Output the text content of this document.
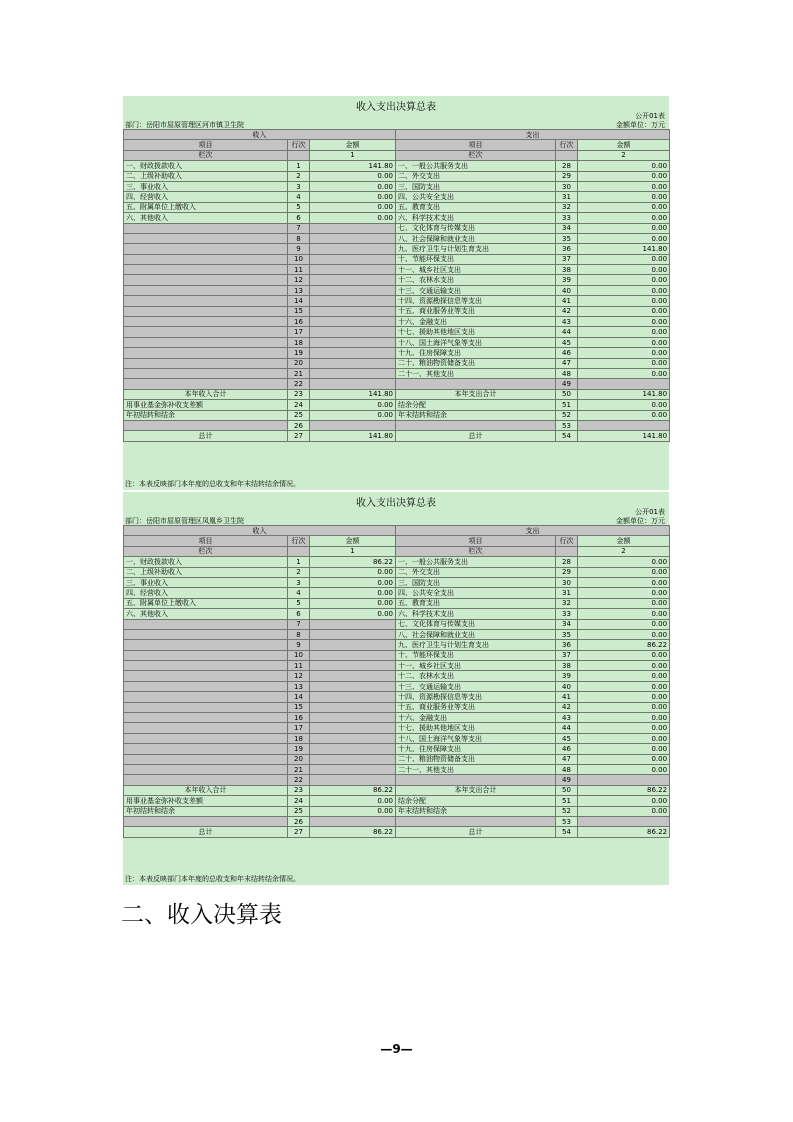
收入支出决算总表
公开01表
部门：岳阳市屈原管理区河市镇卫生院	金额单位：万元
收入			支出		
项目	行次	金额	项目	行次	金额
栏次		1	栏次		2
一、财政拨款收入	1	141.80	一、一般公共服务支出	28	0.00
二、上级补助收入	2	0.00	二、外交支出	29	0.00
三、事业收入	3	0.00	三、国防支出	30	0.00
四、经营收入	4	0.00	四、公共安全支出	31	0.00
五、附属单位上缴收入	5	0.00	五、教育支出	32	0.00
六、其他收入	6	0.00	六、科学技术支出	33	0.00
	7		七、文化体育与传媒支出	34	0.00
	8		八、社会保障和就业支出	35	0.00
	9		九、医疗卫生与计划生育支出	36	141.80
	10		十、节能环保支出	37	0.00
	11		十一、城乡社区支出	38	0.00
	12		十二、农林水支出	39	0.00
	13		十三、交通运输支出	40	0.00
	14		十四、资源勘探信息等支出	41	0.00
	15		十五、商业服务业等支出	42	0.00
	16		十六、金融支出	43	0.00
	17		十七、援助其他地区支出	44	0.00
	18		十八、国土海洋气象等支出	45	0.00
	19		十九、住房保障支出	46	0.00
	20		二十、粮油物资储备支出	47	0.00
	21		二十一、其他支出	48	0.00
	22			49	
本年收入合计	23	141.80	本年支出合计	50	141.80
用事业基金弥补收支差额	24	0.00	结余分配	51	0.00
年初结转和结余	25	0.00	年末结转和结余	52	0.00
	26			53	
总计	27	141.80	总计	54	141.80
注：本表反映部门本年度的总收支和年末结转结余情况。
收入支出决算总表
公开01表
部门：岳阳市屈原管理区凤凰乡卫生院	金额单位：万元
收入			支出		
项目	行次	金额	项目	行次	金额
栏次		1	栏次		2
一、财政拨款收入	1	86.22	一、一般公共服务支出	28	0.00
二、上级补助收入	2	0.00	二、外交支出	29	0.00
三、事业收入	3	0.00	三、国防支出	30	0.00
四、经营收入	4	0.00	四、公共安全支出	31	0.00
五、附属单位上缴收入	5	0.00	五、教育支出	32	0.00
六、其他收入	6	0.00	六、科学技术支出	33	0.00
	7		七、文化体育与传媒支出	34	0.00
	8		八、社会保障和就业支出	35	0.00
	9		九、医疗卫生与计划生育支出	36	86.22
	10		十、节能环保支出	37	0.00
	11		十一、城乡社区支出	38	0.00
	12		十二、农林水支出	39	0.00
	13		十三、交通运输支出	40	0.00
	14		十四、资源勘探信息等支出	41	0.00
	15		十五、商业服务业等支出	42	0.00
	16		十六、金融支出	43	0.00
	17		十七、援助其他地区支出	44	0.00
	18		十八、国土海洋气象等支出	45	0.00
	19		十九、住房保障支出	46	0.00
	20		二十、粮油物资储备支出	47	0.00
	21		二十一、其他支出	48	0.00
	22			49	
本年收入合计	23	86.22	本年支出合计	50	86.22
用事业基金弥补收支差额	24	0.00	结余分配	51	0.00
年初结转和结余	25	0.00	年末结转和结余	52	0.00
	26			53	
总计	27	86.22	总计	54	86.22
注：本表反映部门本年度的总收支和年末结转结余情况。
二、收入决算表
—9—
